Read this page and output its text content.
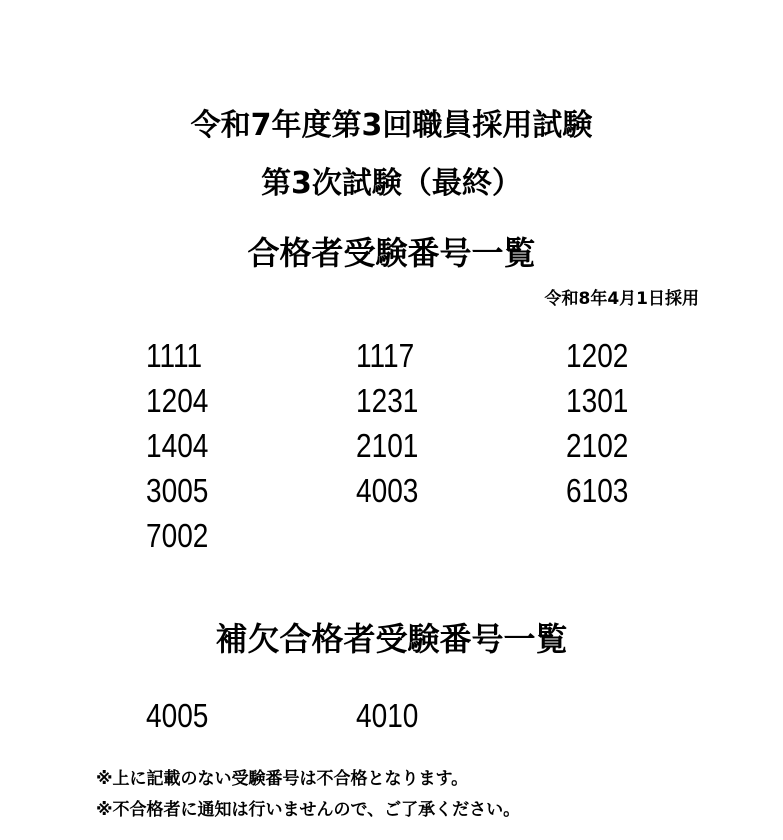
令和7年度第3回職員採用試験
第3次試験（最終）
合格者受験番号一覧
令和8年4月1日採用
1111	1117	1202
1204	1231	1301
1404	2101	2102
3005	4003	6103
7002
補欠合格者受験番号一覧
4005	4010
※上に記載のない受験番号は不合格となります。
※不合格者に通知は行いませんので、ご了承ください。
